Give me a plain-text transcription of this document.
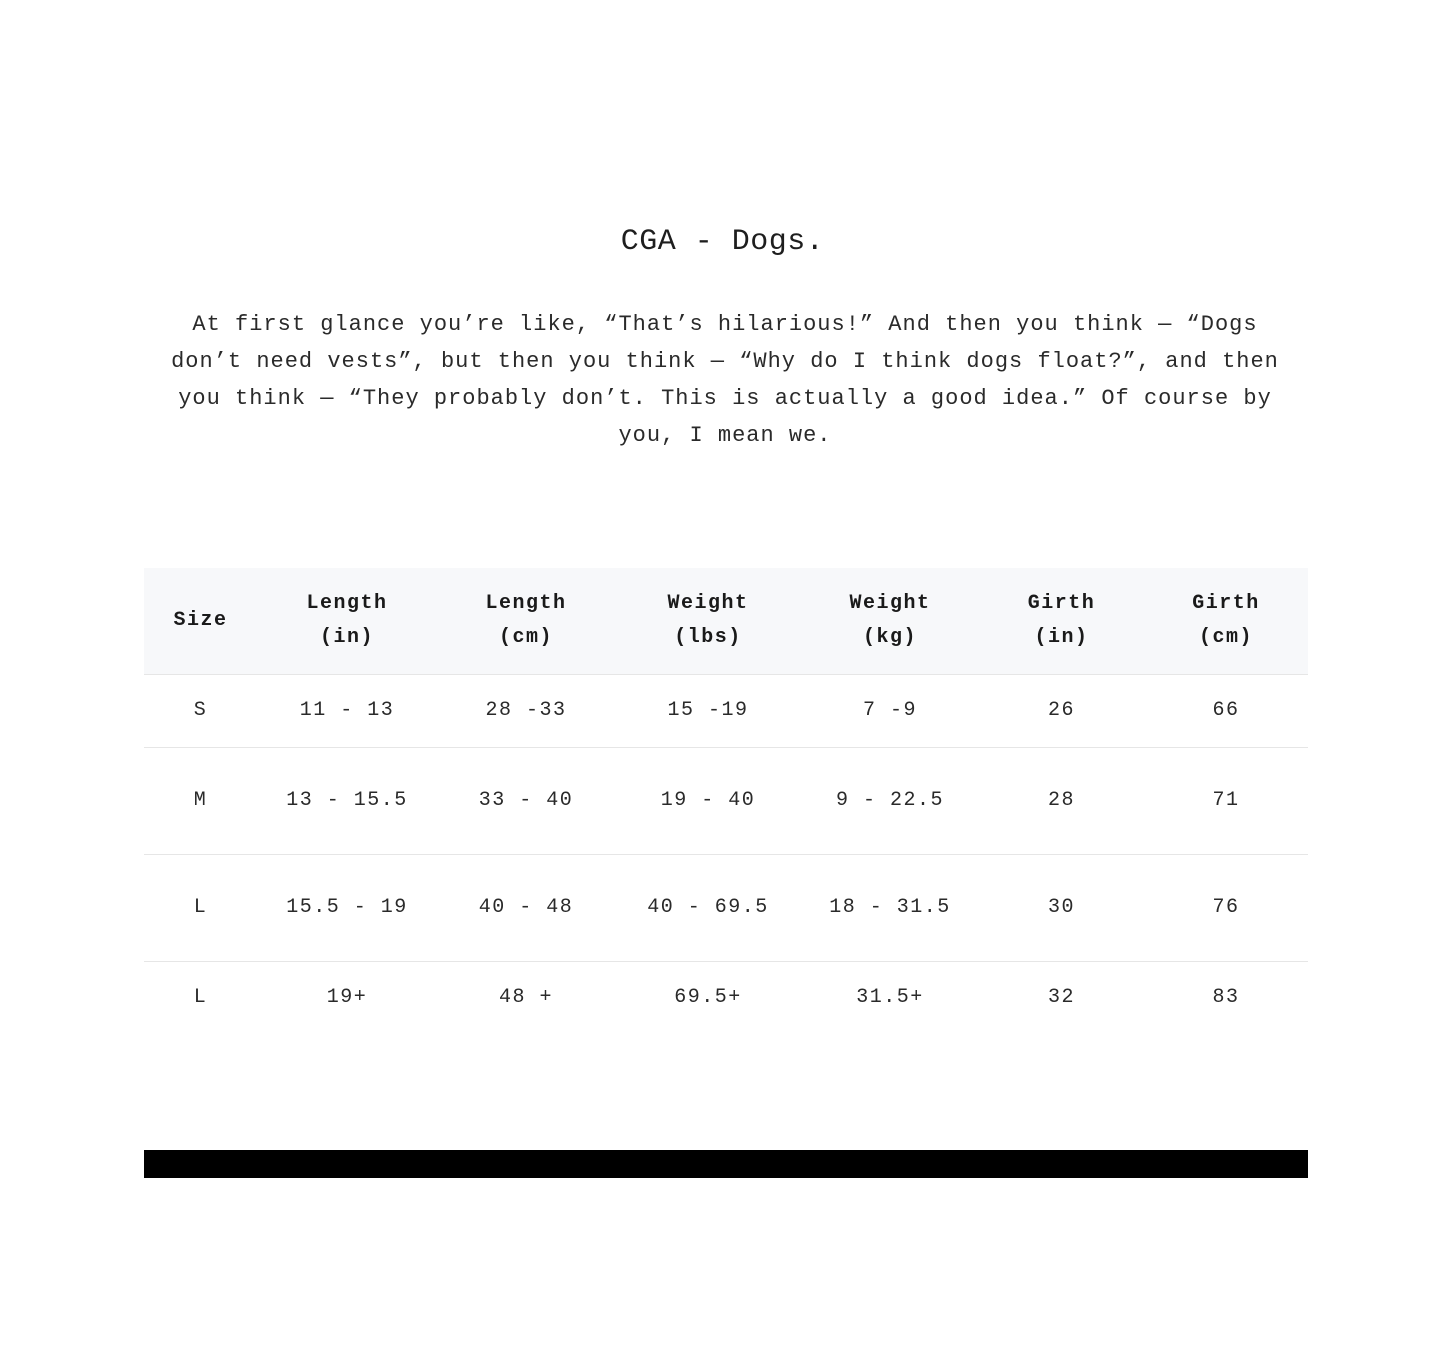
CGA - Dogs.

At first glance you’re like, “That’s hilarious!” And then you think — “Dogs don’t need vests”, but then you think — “Why do I think dogs float?”, and then you think — “They probably don’t. This is actually a good idea.” Of course by you, I mean we.

Size	Length (in)	Length (cm)	Weight (lbs)	Weight (kg)	Girth (in)	Girth (cm)
S	11 - 13	28 -33	15 -19	7 -9	26	66
M	13 - 15.5	33 - 40	19 - 40	9 - 22.5	28	71
L	15.5 - 19	40 - 48	40 - 69.5	18 - 31.5	30	76
L	19+	48 +	69.5+	31.5+	32	83
